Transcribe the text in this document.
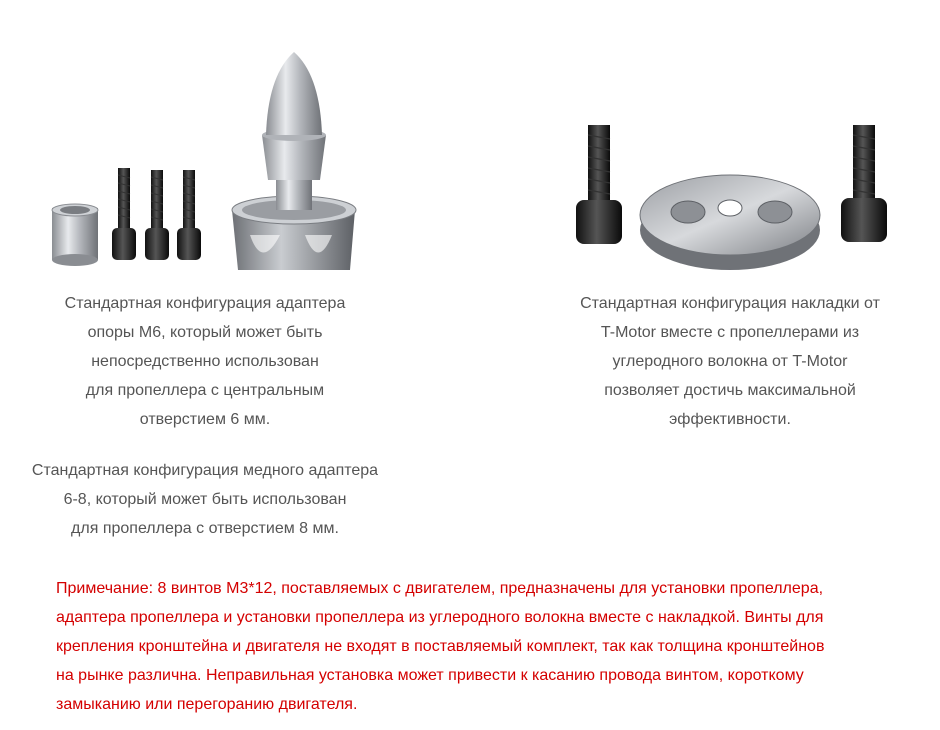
Стандартная конфигурация адаптера
опоры M6, который может быть
непосредственно использован
для пропеллера с центральным
отверстием 6 мм.
Стандартная конфигурация медного адаптера
6-8, который может быть использован
для пропеллера с отверстием 8 мм.
Стандартная конфигурация накладки от
T-Motor вместе с пропеллерами из
углеродного волокна от T-Motor
позволяет достичь максимальной
эффективности.
Примечание: 8 винтов M3*12, поставляемых с двигателем, предназначены для установки пропеллера,
адаптера пропеллера и установки пропеллера из углеродного волокна вместе с накладкой. Винты для
крепления кронштейна и двигателя не входят в поставляемый комплект, так как толщина кронштейнов
на рынке различна. Неправильная установка может привести к касанию провода винтом, короткому
замыканию или перегоранию двигателя.
